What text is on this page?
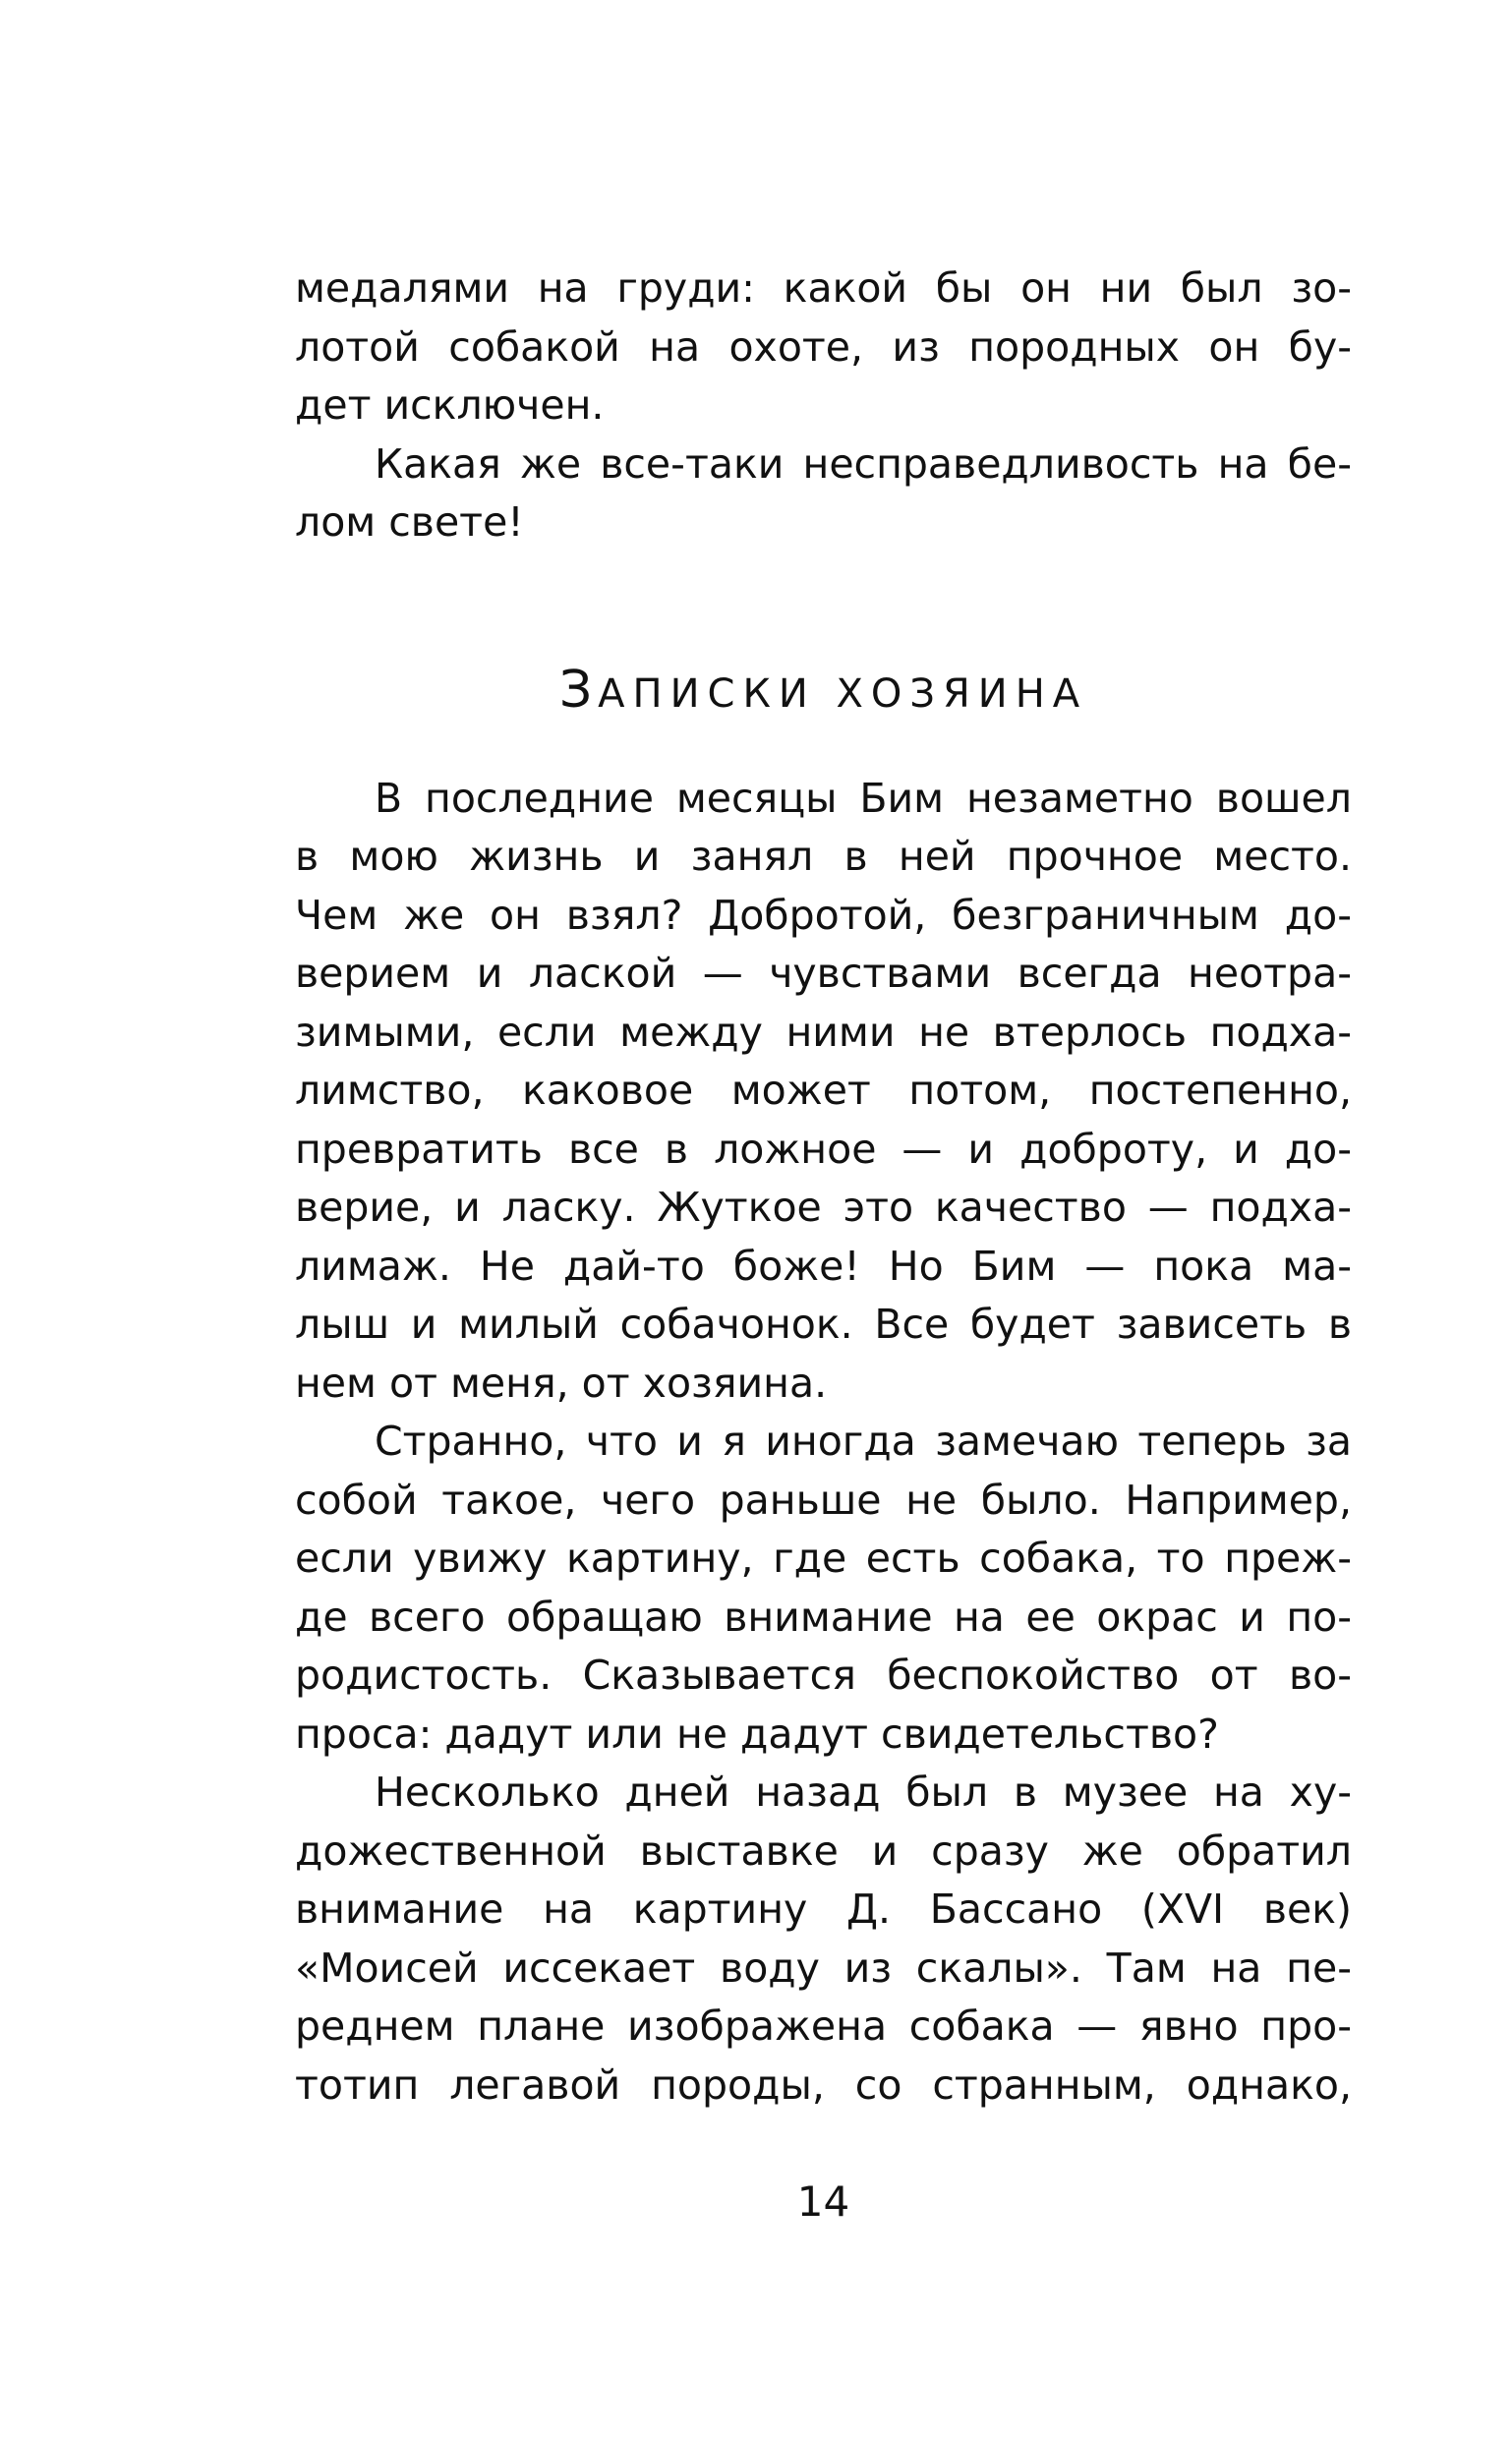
медалями на груди: какой бы он ни был зо-
лотой собакой на охоте, из породных он бу-
дет исключен.
Какая же все-таки несправедливость на бе-
лом свете!
ЗАПИСКИ ХОЗЯИНА
В последние месяцы Бим незаметно вошел
в мою жизнь и занял в ней прочное место.
Чем же он взял? Добротой, безграничным до-
верием и лаской — чувствами всегда неотра-
зимыми, если между ними не втерлось подха-
лимство, каковое может потом, постепенно,
превратить все в ложное — и доброту, и до-
верие, и ласку. Жуткое это качество — подха-
лимаж. Не дай-то боже! Но Бим — пока ма-
лыш и милый собачонок. Все будет зависеть в
нем от меня, от хозяина.
Странно, что и я иногда замечаю теперь за
собой такое, чего раньше не было. Например,
если увижу картину, где есть собака, то преж-
де всего обращаю внимание на ее окрас и по-
родистость. Сказывается беспокойство от во-
проса: дадут или не дадут свидетельство?
Несколько дней назад был в музее на ху-
дожественной выставке и сразу же обратил
внимание на картину Д. Бассано (XVI век)
«Моисей иссекает воду из скалы». Там на пе-
реднем плане изображена собака — явно про-
тотип легавой породы, со странным, однако,
14
